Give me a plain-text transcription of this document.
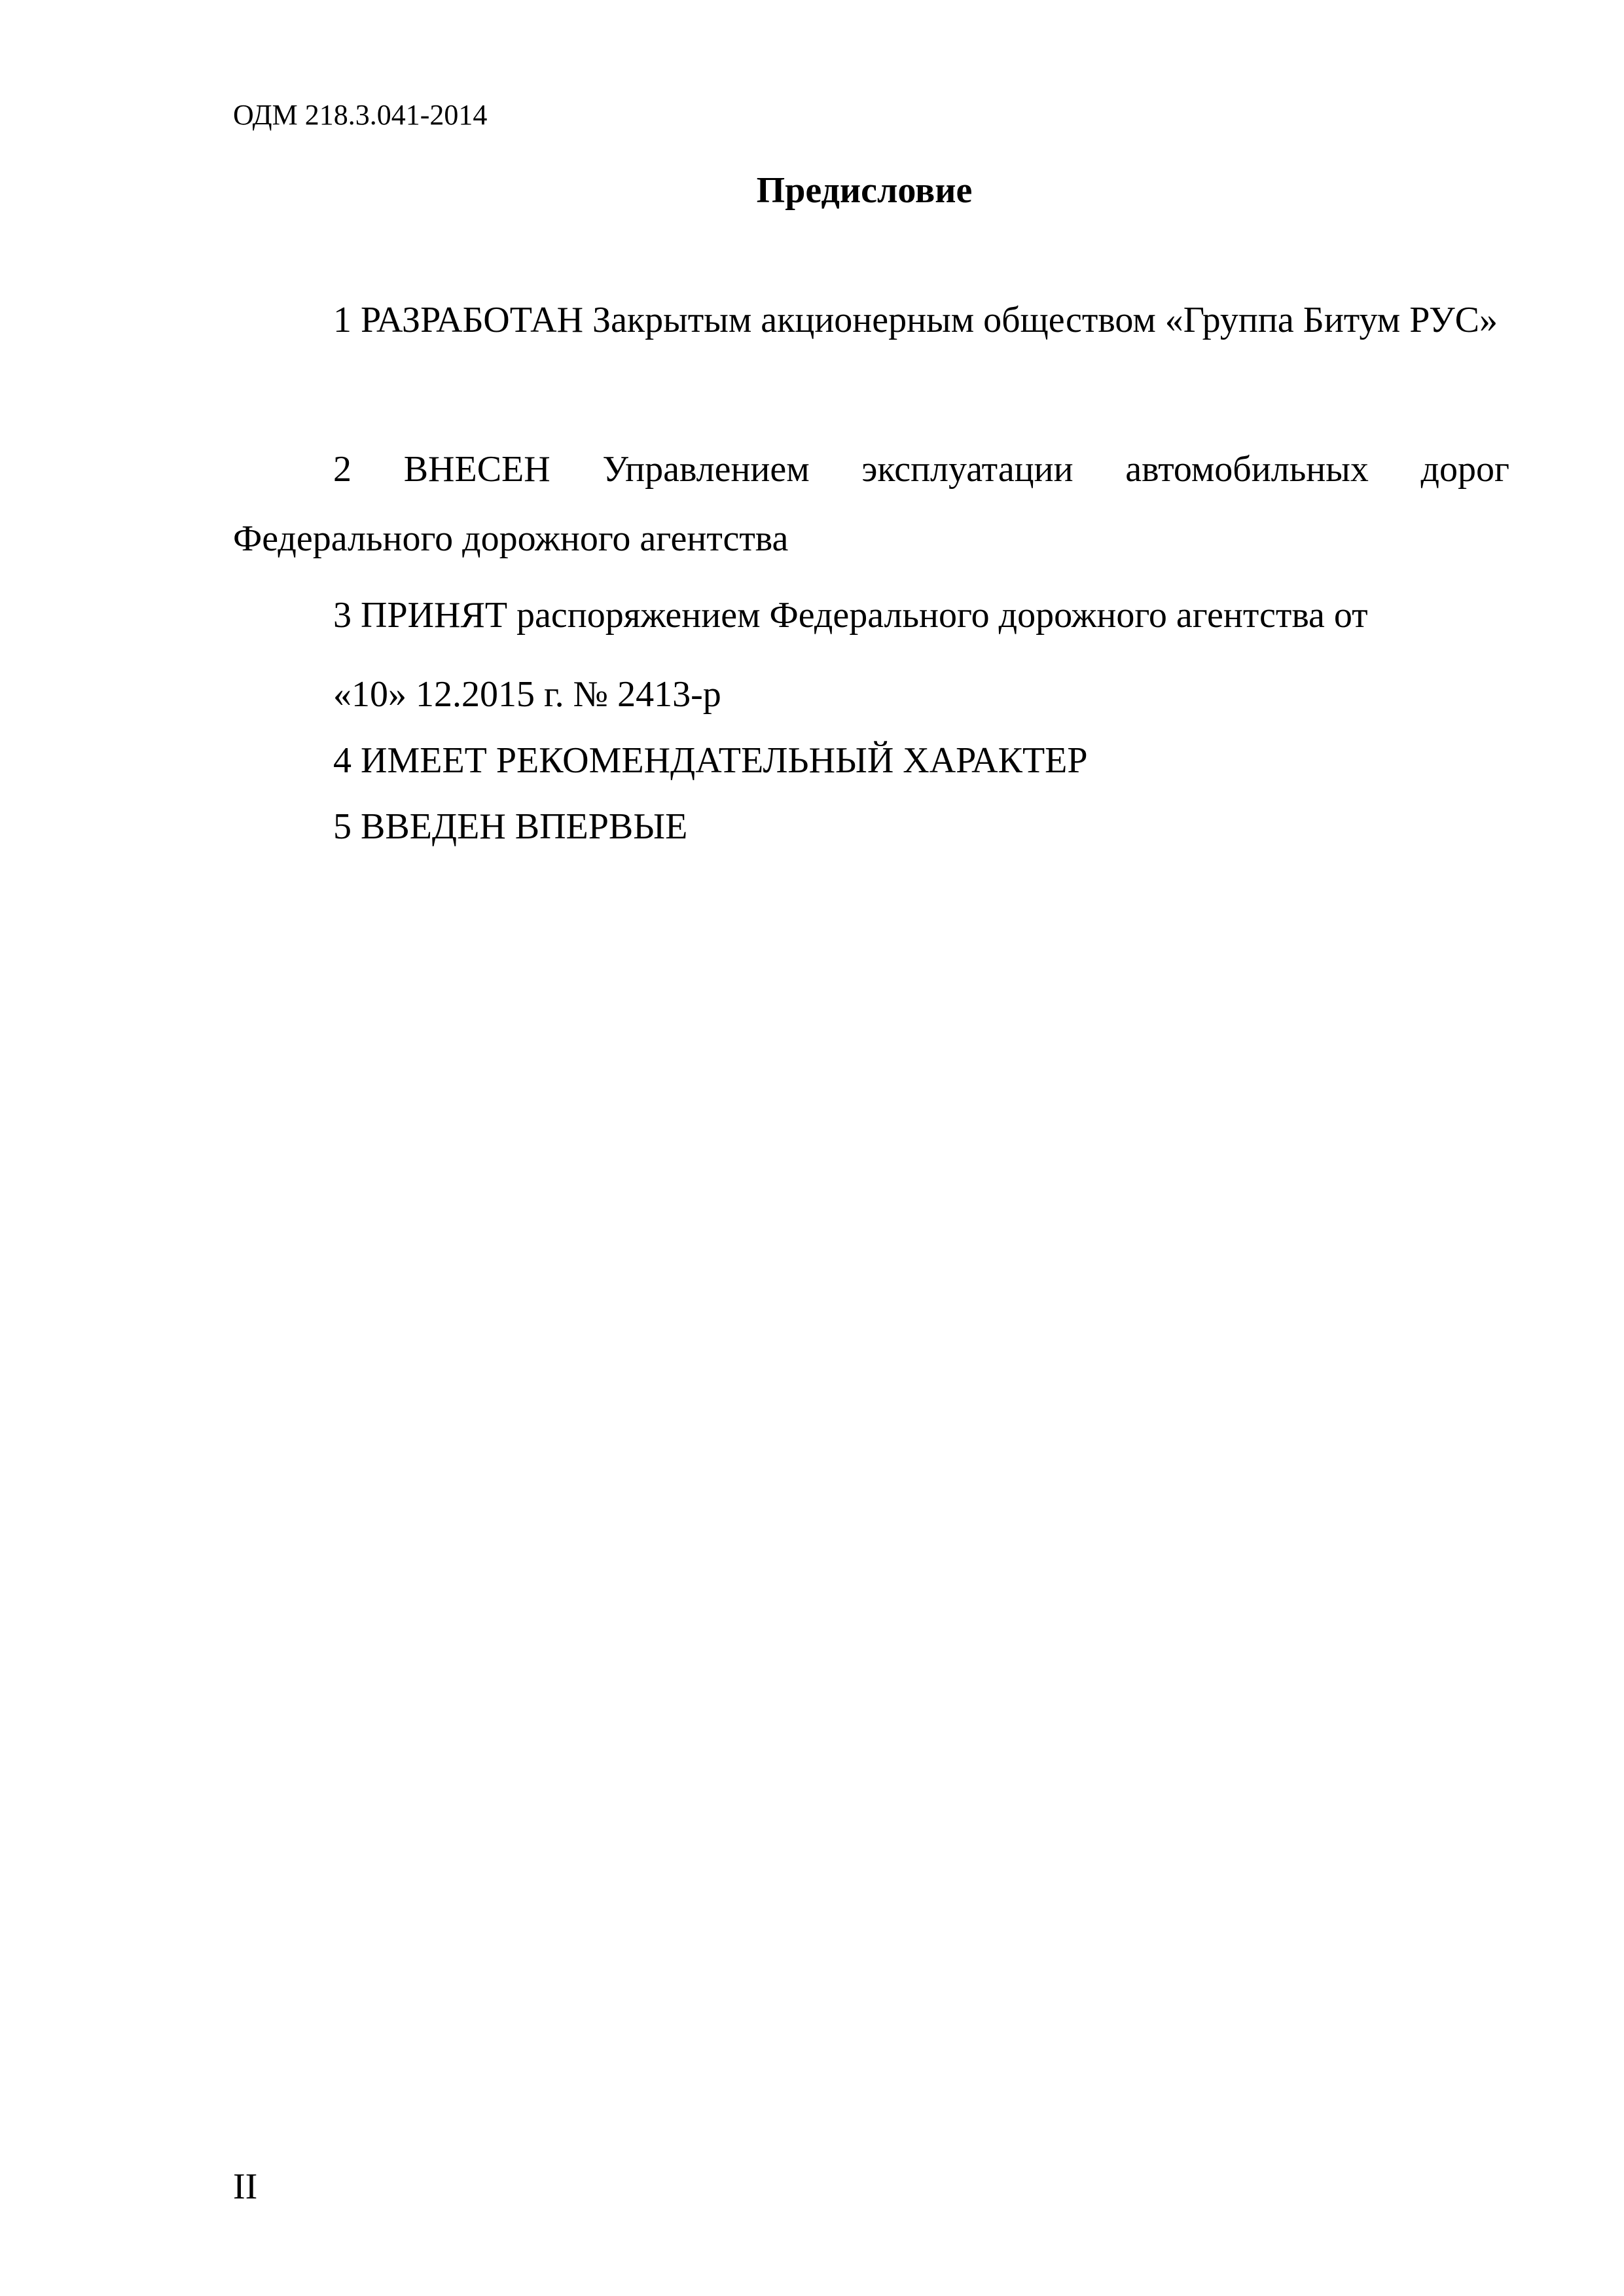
ОДМ 218.3.041-2014
Предисловие
1 РАЗРАБОТАН Закрытым акционерным обществом «Группа Битум РУС»
2 ВНЕСЕН Управлением эксплуатации автомобильных дорог Федерального дорожного агентства
3 ПРИНЯТ распоряжением Федерального дорожного агентства от
«10» 12.2015 г. № 2413-р
4 ИМЕЕТ РЕКОМЕНДАТЕЛЬНЫЙ ХАРАКТЕР
5 ВВЕДЕН ВПЕРВЫЕ
II
